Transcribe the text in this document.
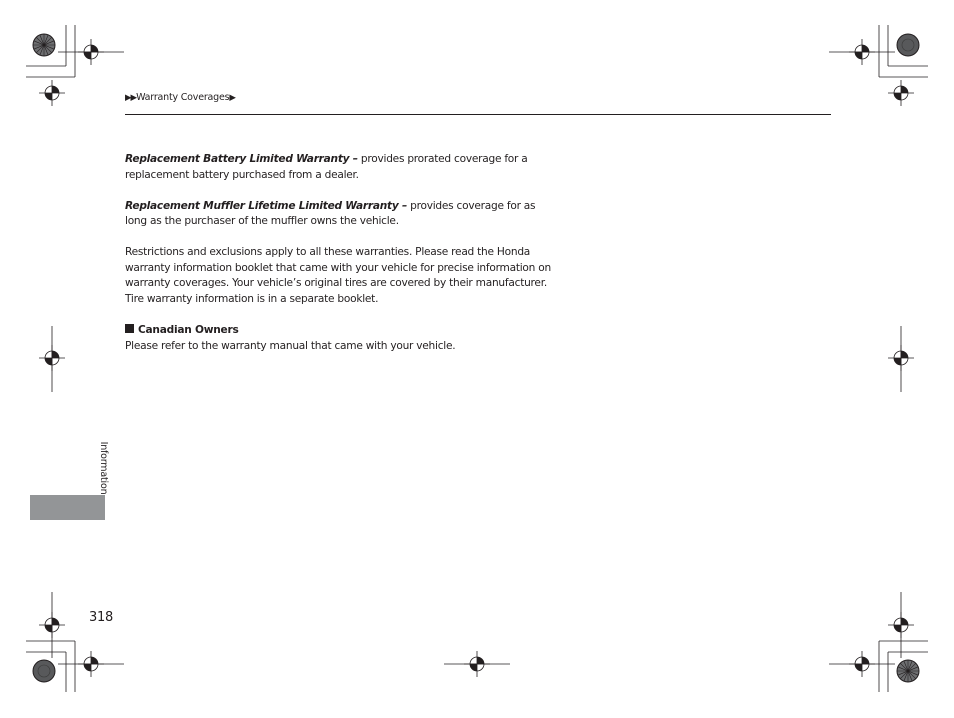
▶▶Warranty Coverages▶

Replacement Battery Limited Warranty – provides prorated coverage for a replacement battery purchased from a dealer.

Replacement Muffler Lifetime Limited Warranty – provides coverage for as long as the purchaser of the muffler owns the vehicle.

Restrictions and exclusions apply to all these warranties. Please read the Honda warranty information booklet that came with your vehicle for precise information on warranty coverages. Your vehicle’s original tires are covered by their manufacturer. Tire warranty information is in a separate booklet.

Canadian Owners

Please refer to the warranty manual that came with your vehicle.

Information
318
